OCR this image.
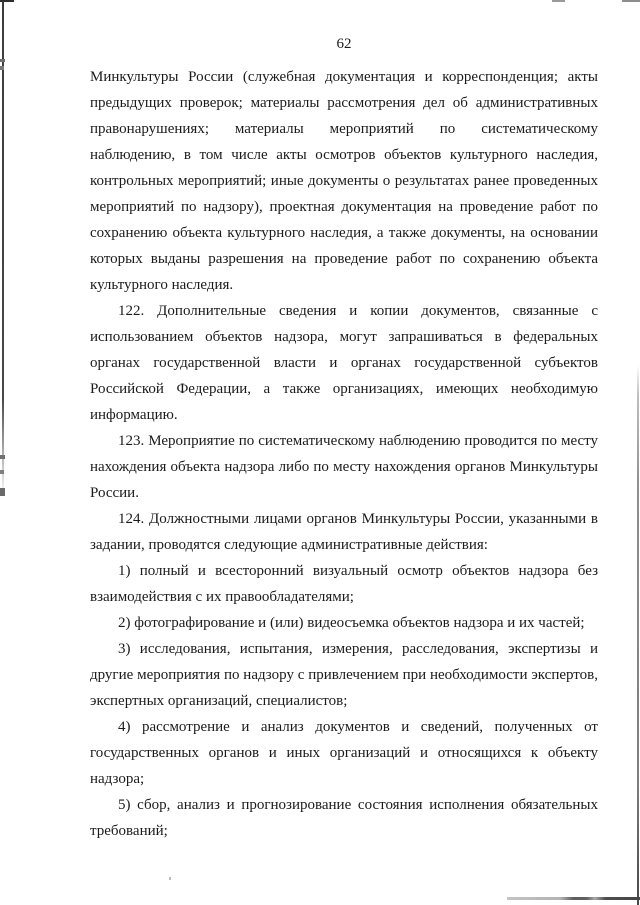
62

Минкультуры России (служебная документация и корреспонденция; акты предыдущих проверок; материалы рассмотрения дел об административных правонарушениях; материалы мероприятий по систематическому наблюдению, в том числе акты осмотров объектов культурного наследия, контрольных мероприятий; иные документы о результатах ранее проведенных мероприятий по надзору), проектная документация на проведение работ по сохранению объекта культурного наследия, а также документы, на основании которых выданы разрешения на проведение работ по сохранению объекта культурного наследия.

122. Дополнительные сведения и копии документов, связанные с использованием объектов надзора, могут запрашиваться в федеральных органах государственной власти и органах государственной субъектов Российской Федерации, а также организациях, имеющих необходимую информацию.

123. Мероприятие по систематическому наблюдению проводится по месту нахождения объекта надзора либо по месту нахождения органов Минкультуры России.

124. Должностными лицами органов Минкультуры России, указанными в задании, проводятся следующие административные действия:

1) полный и всесторонний визуальный осмотр объектов надзора без взаимодействия с их правообладателями;

2) фотографирование и (или) видеосъемка объектов надзора и их частей;

3) исследования, испытания, измерения, расследования, экспертизы и другие мероприятия по надзору с привлечением при необходимости экспертов, экспертных организаций, специалистов;

4) рассмотрение и анализ документов и сведений, полученных от государственных органов и иных организаций и относящихся к объекту надзора;

5) сбор, анализ и прогнозирование состояния исполнения обязательных требований;
